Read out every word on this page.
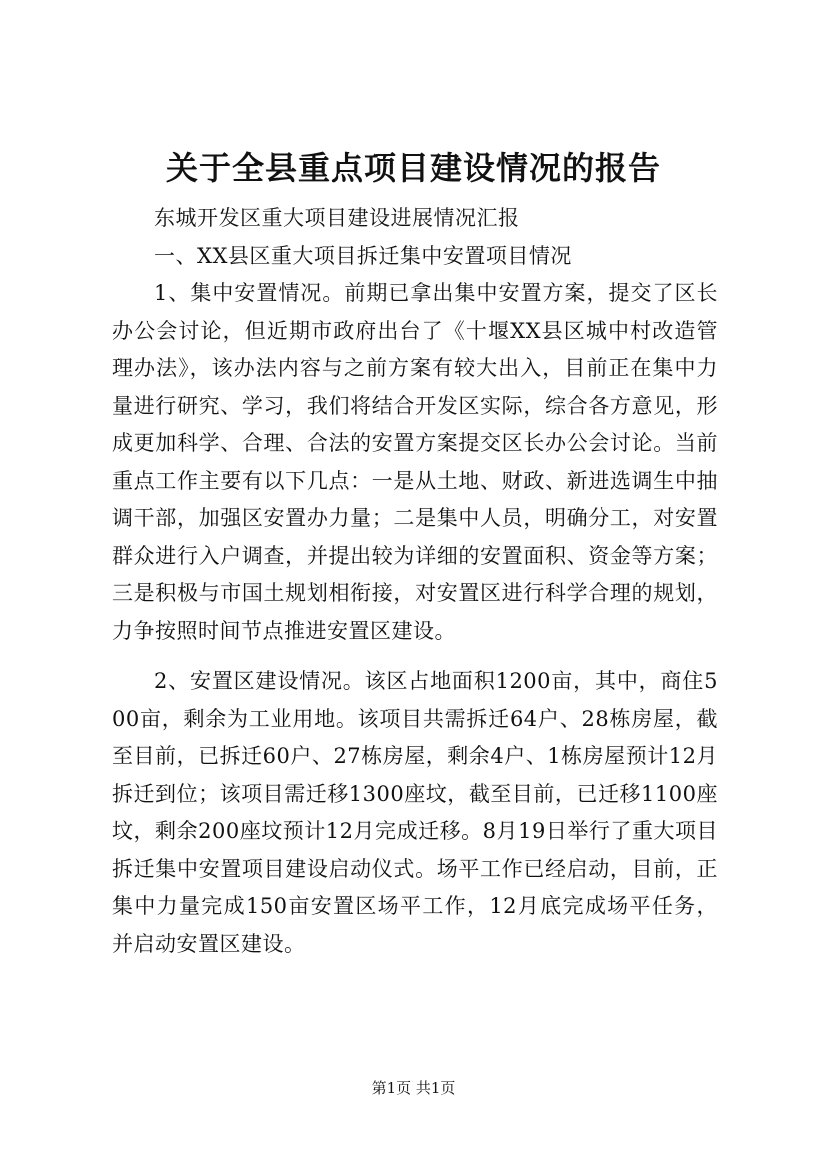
关于全县重点项目建设情况的报告

东城开发区重大项目建设进展情况汇报

一、XX县区重大项目拆迁集中安置项目情况

1、集中安置情况。前期已拿出集中安置方案，提交了区长办公会讨论，但近期市政府出台了《十堰XX县区城中村改造管理办法》，该办法内容与之前方案有较大出入，目前正在集中力量进行研究、学习，我们将结合开发区实际，综合各方意见，形成更加科学、合理、合法的安置方案提交区长办公会讨论。当前重点工作主要有以下几点：一是从土地、财政、新进选调生中抽调干部，加强区安置办力量；二是集中人员，明确分工，对安置群众进行入户调查，并提出较为详细的安置面积、资金等方案；三是积极与市国土规划相衔接，对安置区进行科学合理的规划，力争按照时间节点推进安置区建设。

2、安置区建设情况。该区占地面积1200亩，其中，商住500亩，剩余为工业用地。该项目共需拆迁64户、28栋房屋，截至目前，已拆迁60户、27栋房屋，剩余4户、1栋房屋预计12月拆迁到位；该项目需迁移1300座坟，截至目前，已迁移1100座坟，剩余200座坟预计12月完成迁移。8月19日举行了重大项目拆迁集中安置项目建设启动仪式。场平工作已经启动，目前，正集中力量完成150亩安置区场平工作，12月底完成场平任务，并启动安置区建设。

第1页 共1页
